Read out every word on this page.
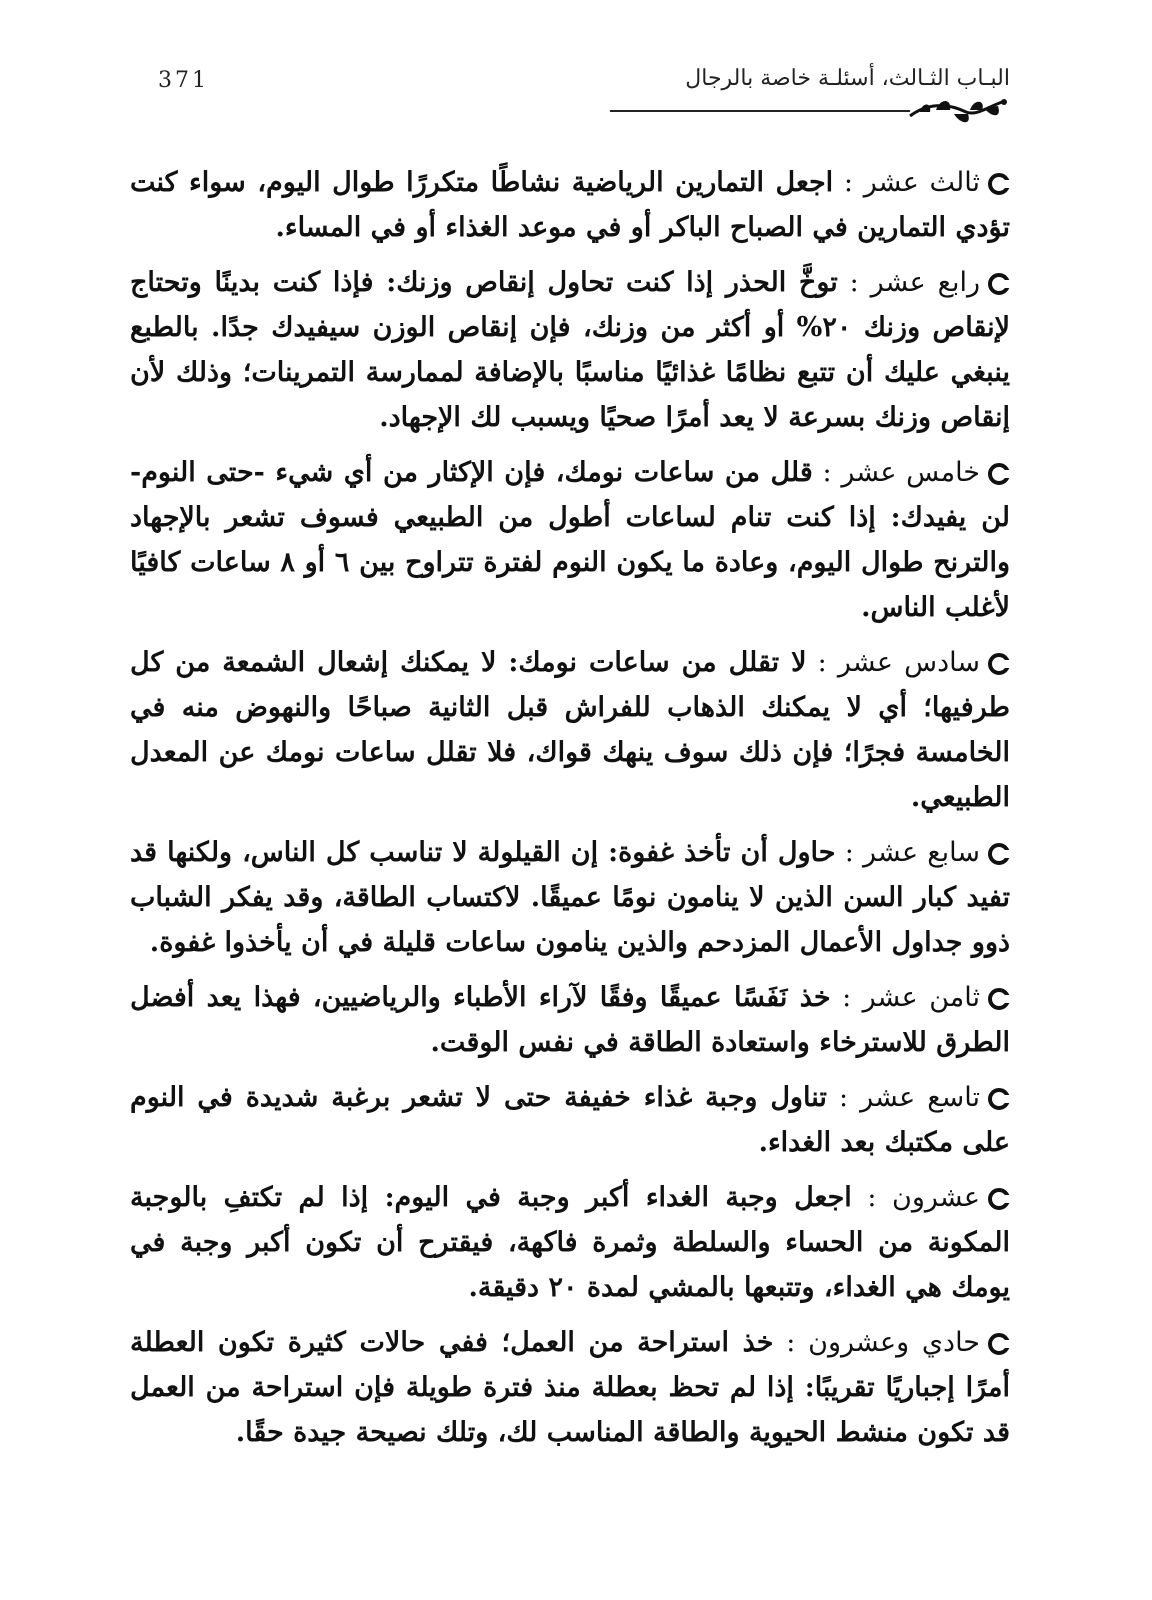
371	البـاب الثـالث، أسئلـة خاصة بالرجال

ثالث عشر : اجعل التمارين الرياضية نشاطًا متكررًا طوال اليوم، سواء كنت تؤدي التمارين في الصباح الباكر أو في موعد الغذاء أو في المساء.

رابع عشر : توخَّ الحذر إذا كنت تحاول إنقاص وزنك: فإذا كنت بدينًا وتحتاج لإنقاص وزنك ٢٠% أو أكثر من وزنك، فإن إنقاص الوزن سيفيدك جدًا. بالطبع ينبغي عليك أن تتبع نظامًا غذائيًا مناسبًا بالإضافة لممارسة التمرينات؛ وذلك لأن إنقاص وزنك بسرعة لا يعد أمرًا صحيًا ويسبب لك الإجهاد.

خامس عشر : قلل من ساعات نومك، فإن الإكثار من أي شيء -حتى النوم- لن يفيدك: إذا كنت تنام لساعات أطول من الطبيعي فسوف تشعر بالإجهاد والترنح طوال اليوم، وعادة ما يكون النوم لفترة تتراوح بين ٦ أو ٨ ساعات كافيًا لأغلب الناس.

سادس عشر : لا تقلل من ساعات نومك: لا يمكنك إشعال الشمعة من كل طرفيها؛ أي لا يمكنك الذهاب للفراش قبل الثانية صباحًا والنهوض منه في الخامسة فجرًا؛ فإن ذلك سوف ينهك قواك، فلا تقلل ساعات نومك عن المعدل الطبيعي.

سابع عشر : حاول أن تأخذ غفوة: إن القيلولة لا تناسب كل الناس، ولكنها قد تفيد كبار السن الذين لا ينامون نومًا عميقًا. لاكتساب الطاقة، وقد يفكر الشباب ذوو جداول الأعمال المزدحم والذين ينامون ساعات قليلة في أن يأخذوا غفوة.

ثامن عشر : خذ نَفَسًا عميقًا وفقًا لآراء الأطباء والرياضيين، فهذا يعد أفضل الطرق للاسترخاء واستعادة الطاقة في نفس الوقت.

تاسع عشر : تناول وجبة غذاء خفيفة حتى لا تشعر برغبة شديدة في النوم على مكتبك بعد الغداء.

عشرون : اجعل وجبة الغداء أكبر وجبة في اليوم: إذا لم تكتفِ بالوجبة المكونة من الحساء والسلطة وثمرة فاكهة، فيقترح أن تكون أكبر وجبة في يومك هي الغداء، وتتبعها بالمشي لمدة ٢٠ دقيقة.

حادي وعشرون : خذ استراحة من العمل؛ ففي حالات كثيرة تكون العطلة أمرًا إجباريًا تقريبًا: إذا لم تحظ بعطلة منذ فترة طويلة فإن استراحة من العمل قد تكون منشط الحيوية والطاقة المناسب لك، وتلك نصيحة جيدة حقًا.
